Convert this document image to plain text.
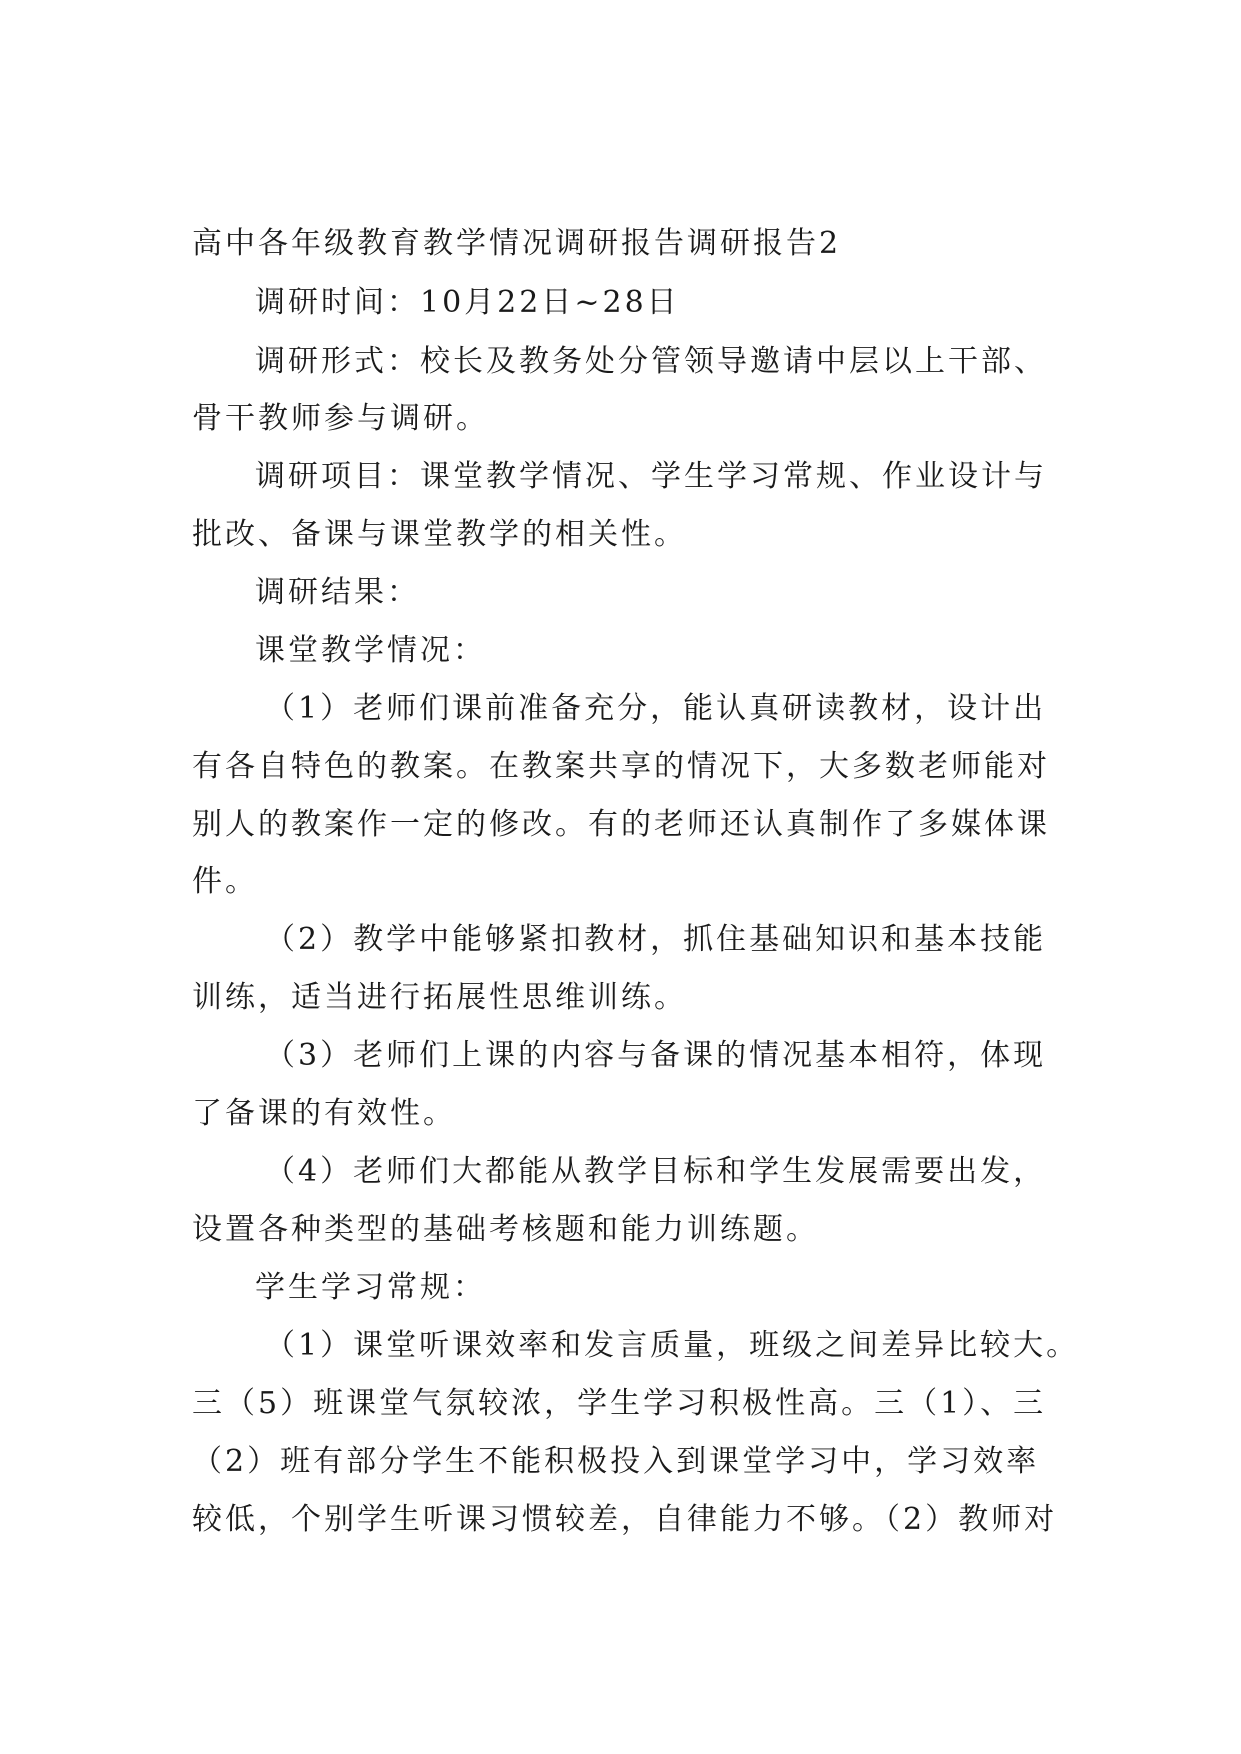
高中各年级教育教学情况调研报告调研报告2
调研时间：10月22日~28日
调研形式：校长及教务处分管领导邀请中层以上干部、
骨干教师参与调研。
调研项目：课堂教学情况、学生学习常规、作业设计与
批改、备课与课堂教学的相关性。
调研结果：
课堂教学情况：
（1）老师们课前准备充分，能认真研读教材，设计出
有各自特色的教案。在教案共享的情况下，大多数老师能对
别人的教案作一定的修改。有的老师还认真制作了多媒体课
件。
（2）教学中能够紧扣教材，抓住基础知识和基本技能
训练，适当进行拓展性思维训练。
（3）老师们上课的内容与备课的情况基本相符，体现
了备课的有效性。
（4）老师们大都能从教学目标和学生发展需要出发，
设置各种类型的基础考核题和能力训练题。
学生学习常规：
（1）课堂听课效率和发言质量，班级之间差异比较大。
三（5）班课堂气氛较浓，学生学习积极性高。三（1）、三
（2）班有部分学生不能积极投入到课堂学习中，学习效率
较低，个别学生听课习惯较差，自律能力不够。（2）教师对
